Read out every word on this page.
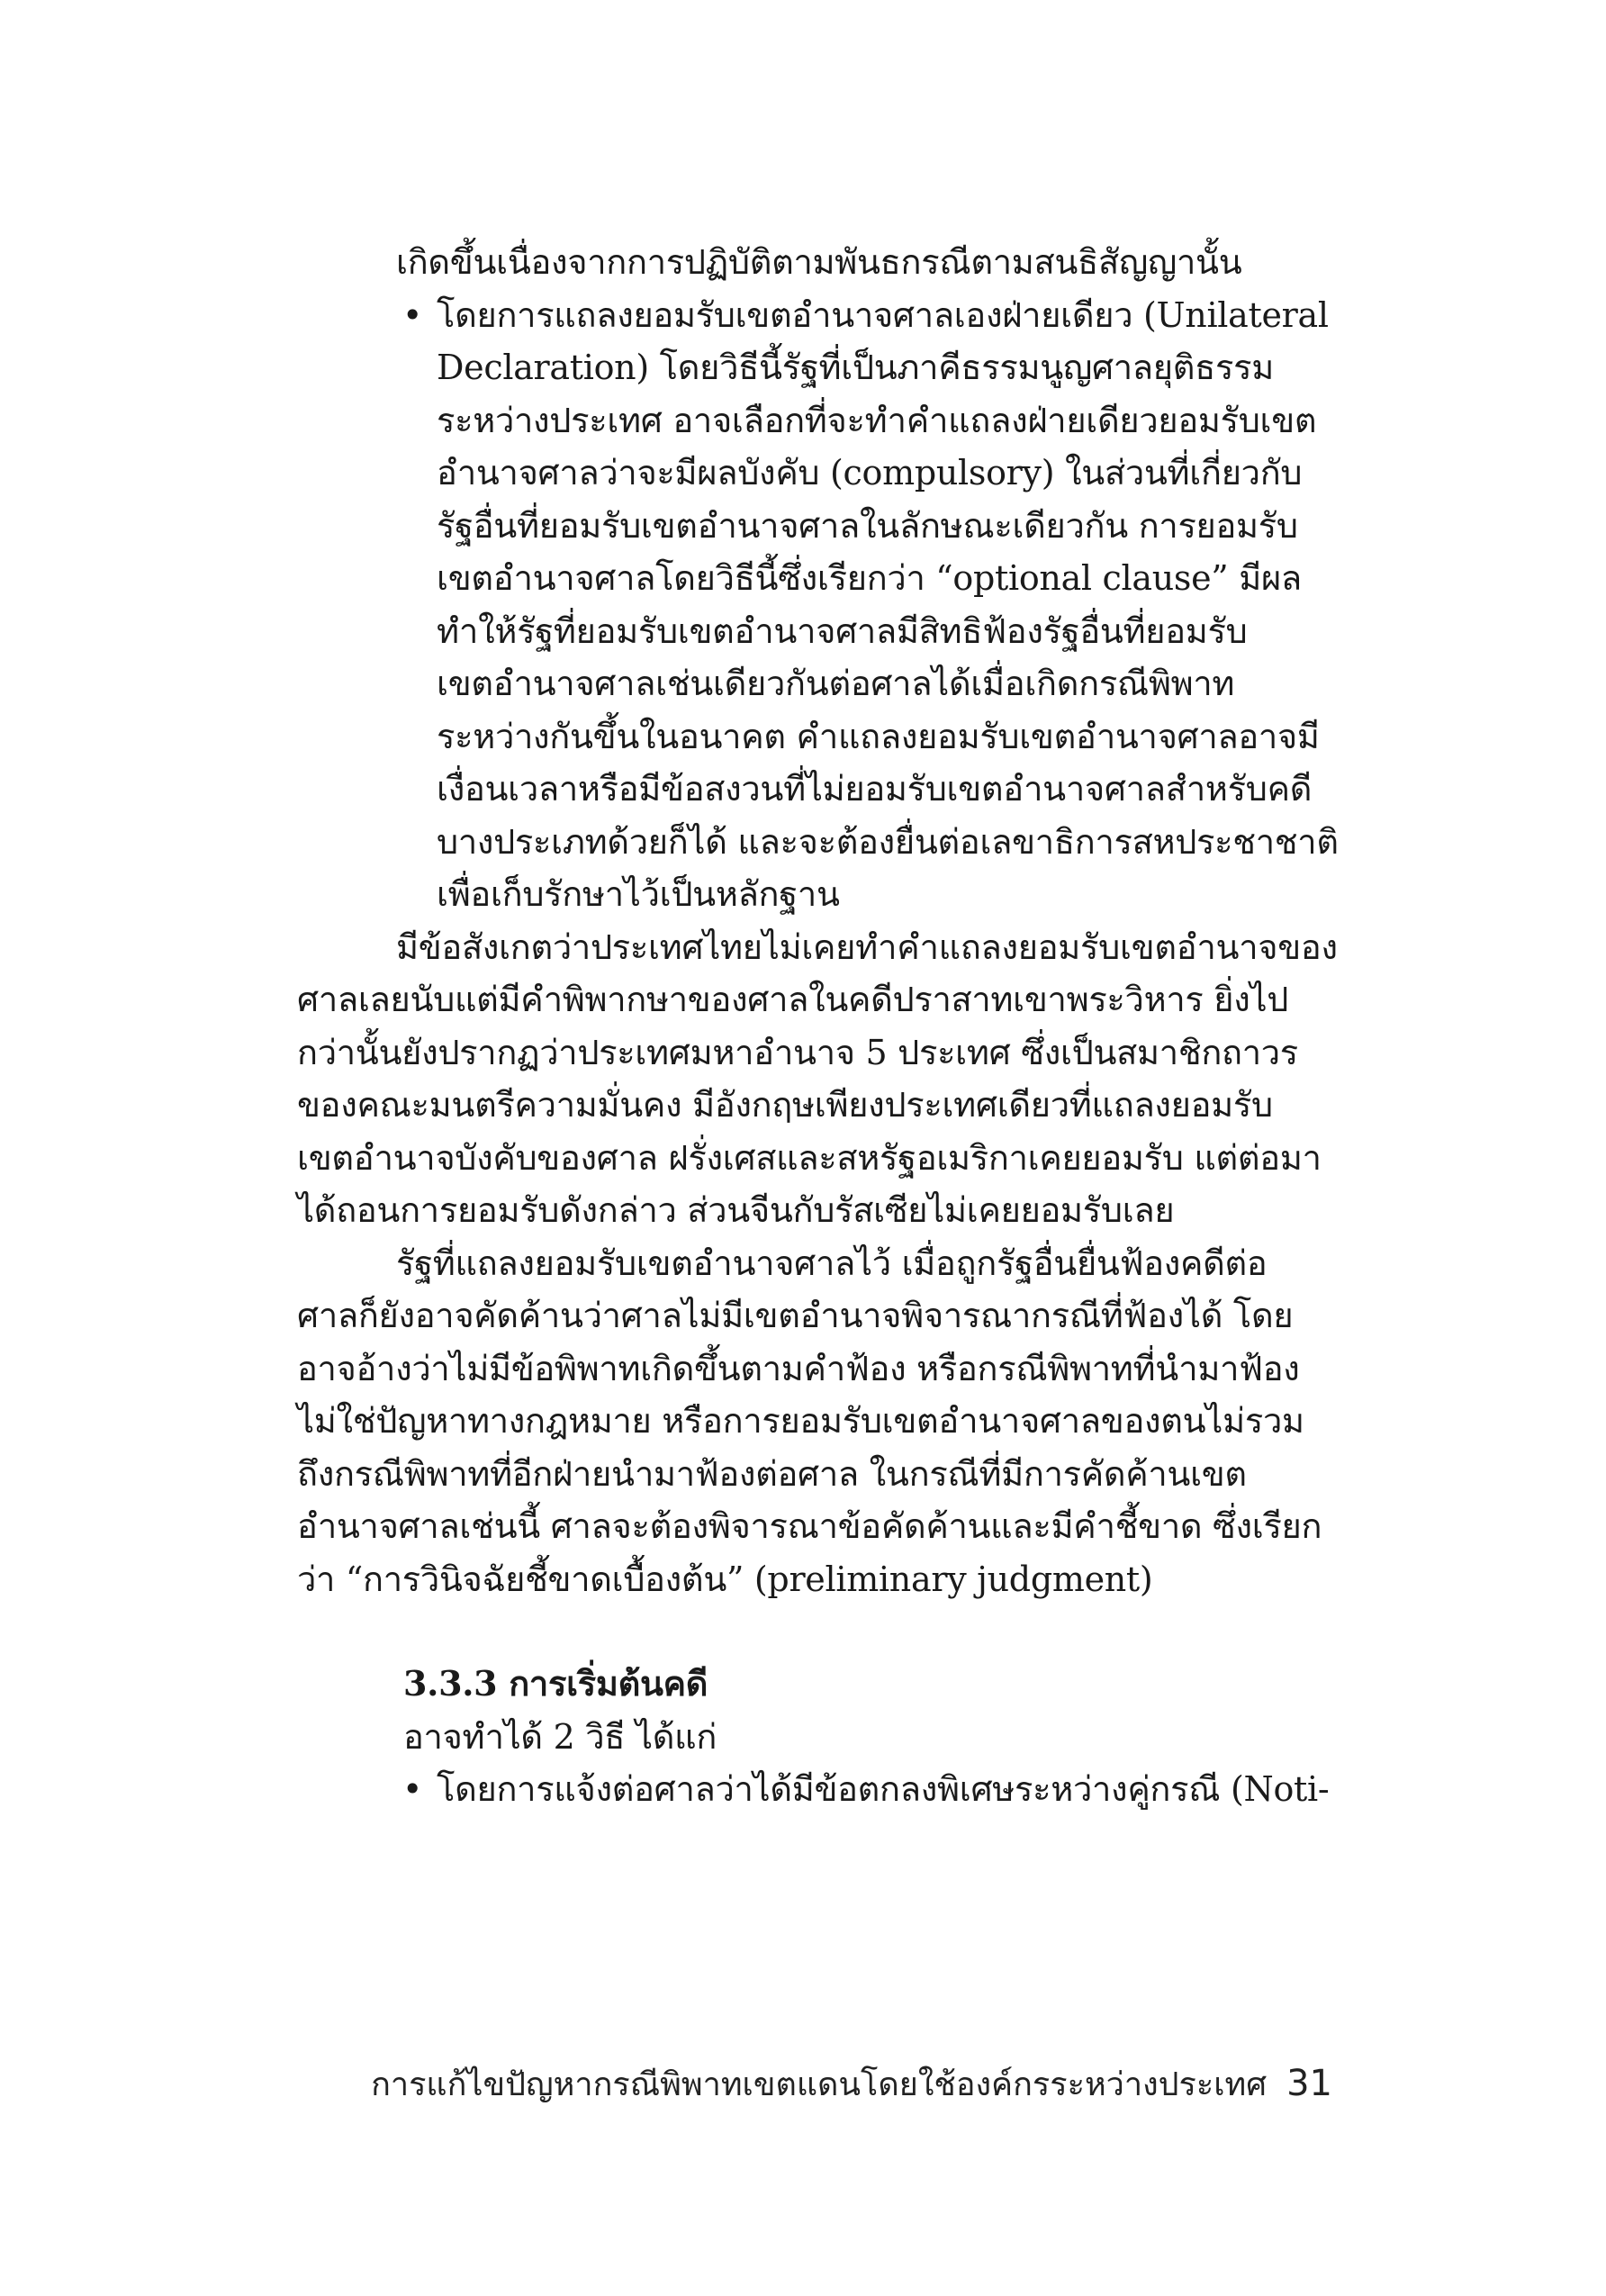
เกิดขึ้นเนื่องจากการปฏิบัติตามพันธกรณีตามสนธิสัญญานั้น
• โดยการแถลงยอมรับเขตอำนาจศาลเองฝ่ายเดียว (Unilateral
Declaration) โดยวิธีนี้รัฐที่เป็นภาคีธรรมนูญศาลยุติธรรม
ระหว่างประเทศ อาจเลือกที่จะทำคำแถลงฝ่ายเดียวยอมรับเขต
อำนาจศาลว่าจะมีผลบังคับ (compulsory) ในส่วนที่เกี่ยวกับ
รัฐอื่นที่ยอมรับเขตอำนาจศาลในลักษณะเดียวกัน การยอมรับ
เขตอำนาจศาลโดยวิธีนี้ซึ่งเรียกว่า “optional clause” มีผล
ทำให้รัฐที่ยอมรับเขตอำนาจศาลมีสิทธิฟ้องรัฐอื่นที่ยอมรับ
เขตอำนาจศาลเช่นเดียวกันต่อศาลได้เมื่อเกิดกรณีพิพาท
ระหว่างกันขึ้นในอนาคต คำแถลงยอมรับเขตอำนาจศาลอาจมี
เงื่อนเวลาหรือมีข้อสงวนที่ไม่ยอมรับเขตอำนาจศาลสำหรับคดี
บางประเภทด้วยก็ได้ และจะต้องยื่นต่อเลขาธิการสหประชาชาติ
เพื่อเก็บรักษาไว้เป็นหลักฐาน
มีข้อสังเกตว่าประเทศไทยไม่เคยทำคำแถลงยอมรับเขตอำนาจของ
ศาลเลยนับแต่มีคำพิพากษาของศาลในคดีปราสาทเขาพระวิหาร ยิ่งไป
กว่านั้นยังปรากฏว่าประเทศมหาอำนาจ 5 ประเทศ ซึ่งเป็นสมาชิกถาวร
ของคณะมนตรีความมั่นคง มีอังกฤษเพียงประเทศเดียวที่แถลงยอมรับ
เขตอำนาจบังคับของศาล ฝรั่งเศสและสหรัฐอเมริกาเคยยอมรับ แต่ต่อมา
ได้ถอนการยอมรับดังกล่าว ส่วนจีนกับรัสเซียไม่เคยยอมรับเลย
รัฐที่แถลงยอมรับเขตอำนาจศาลไว้ เมื่อถูกรัฐอื่นยื่นฟ้องคดีต่อ
ศาลก็ยังอาจคัดค้านว่าศาลไม่มีเขตอำนาจพิจารณากรณีที่ฟ้องได้ โดย
อาจอ้างว่าไม่มีข้อพิพาทเกิดขึ้นตามคำฟ้อง หรือกรณีพิพาทที่นำมาฟ้อง
ไม่ใช่ปัญหาทางกฎหมาย หรือการยอมรับเขตอำนาจศาลของตนไม่รวม
ถึงกรณีพิพาทที่อีกฝ่ายนำมาฟ้องต่อศาล ในกรณีที่มีการคัดค้านเขต
อำนาจศาลเช่นนี้ ศาลจะต้องพิจารณาข้อคัดค้านและมีคำชี้ขาด ซึ่งเรียก
ว่า “การวินิจฉัยชี้ขาดเบื้องต้น” (preliminary judgment)
3.3.3 การเริ่มต้นคดี
อาจทำได้ 2 วิธี ได้แก่
• โดยการแจ้งต่อศาลว่าได้มีข้อตกลงพิเศษระหว่างคู่กรณี (Noti-
การแก้ไขปัญหากรณีพิพาทเขตแดนโดยใช้องค์กรระหว่างประเทศ 31
